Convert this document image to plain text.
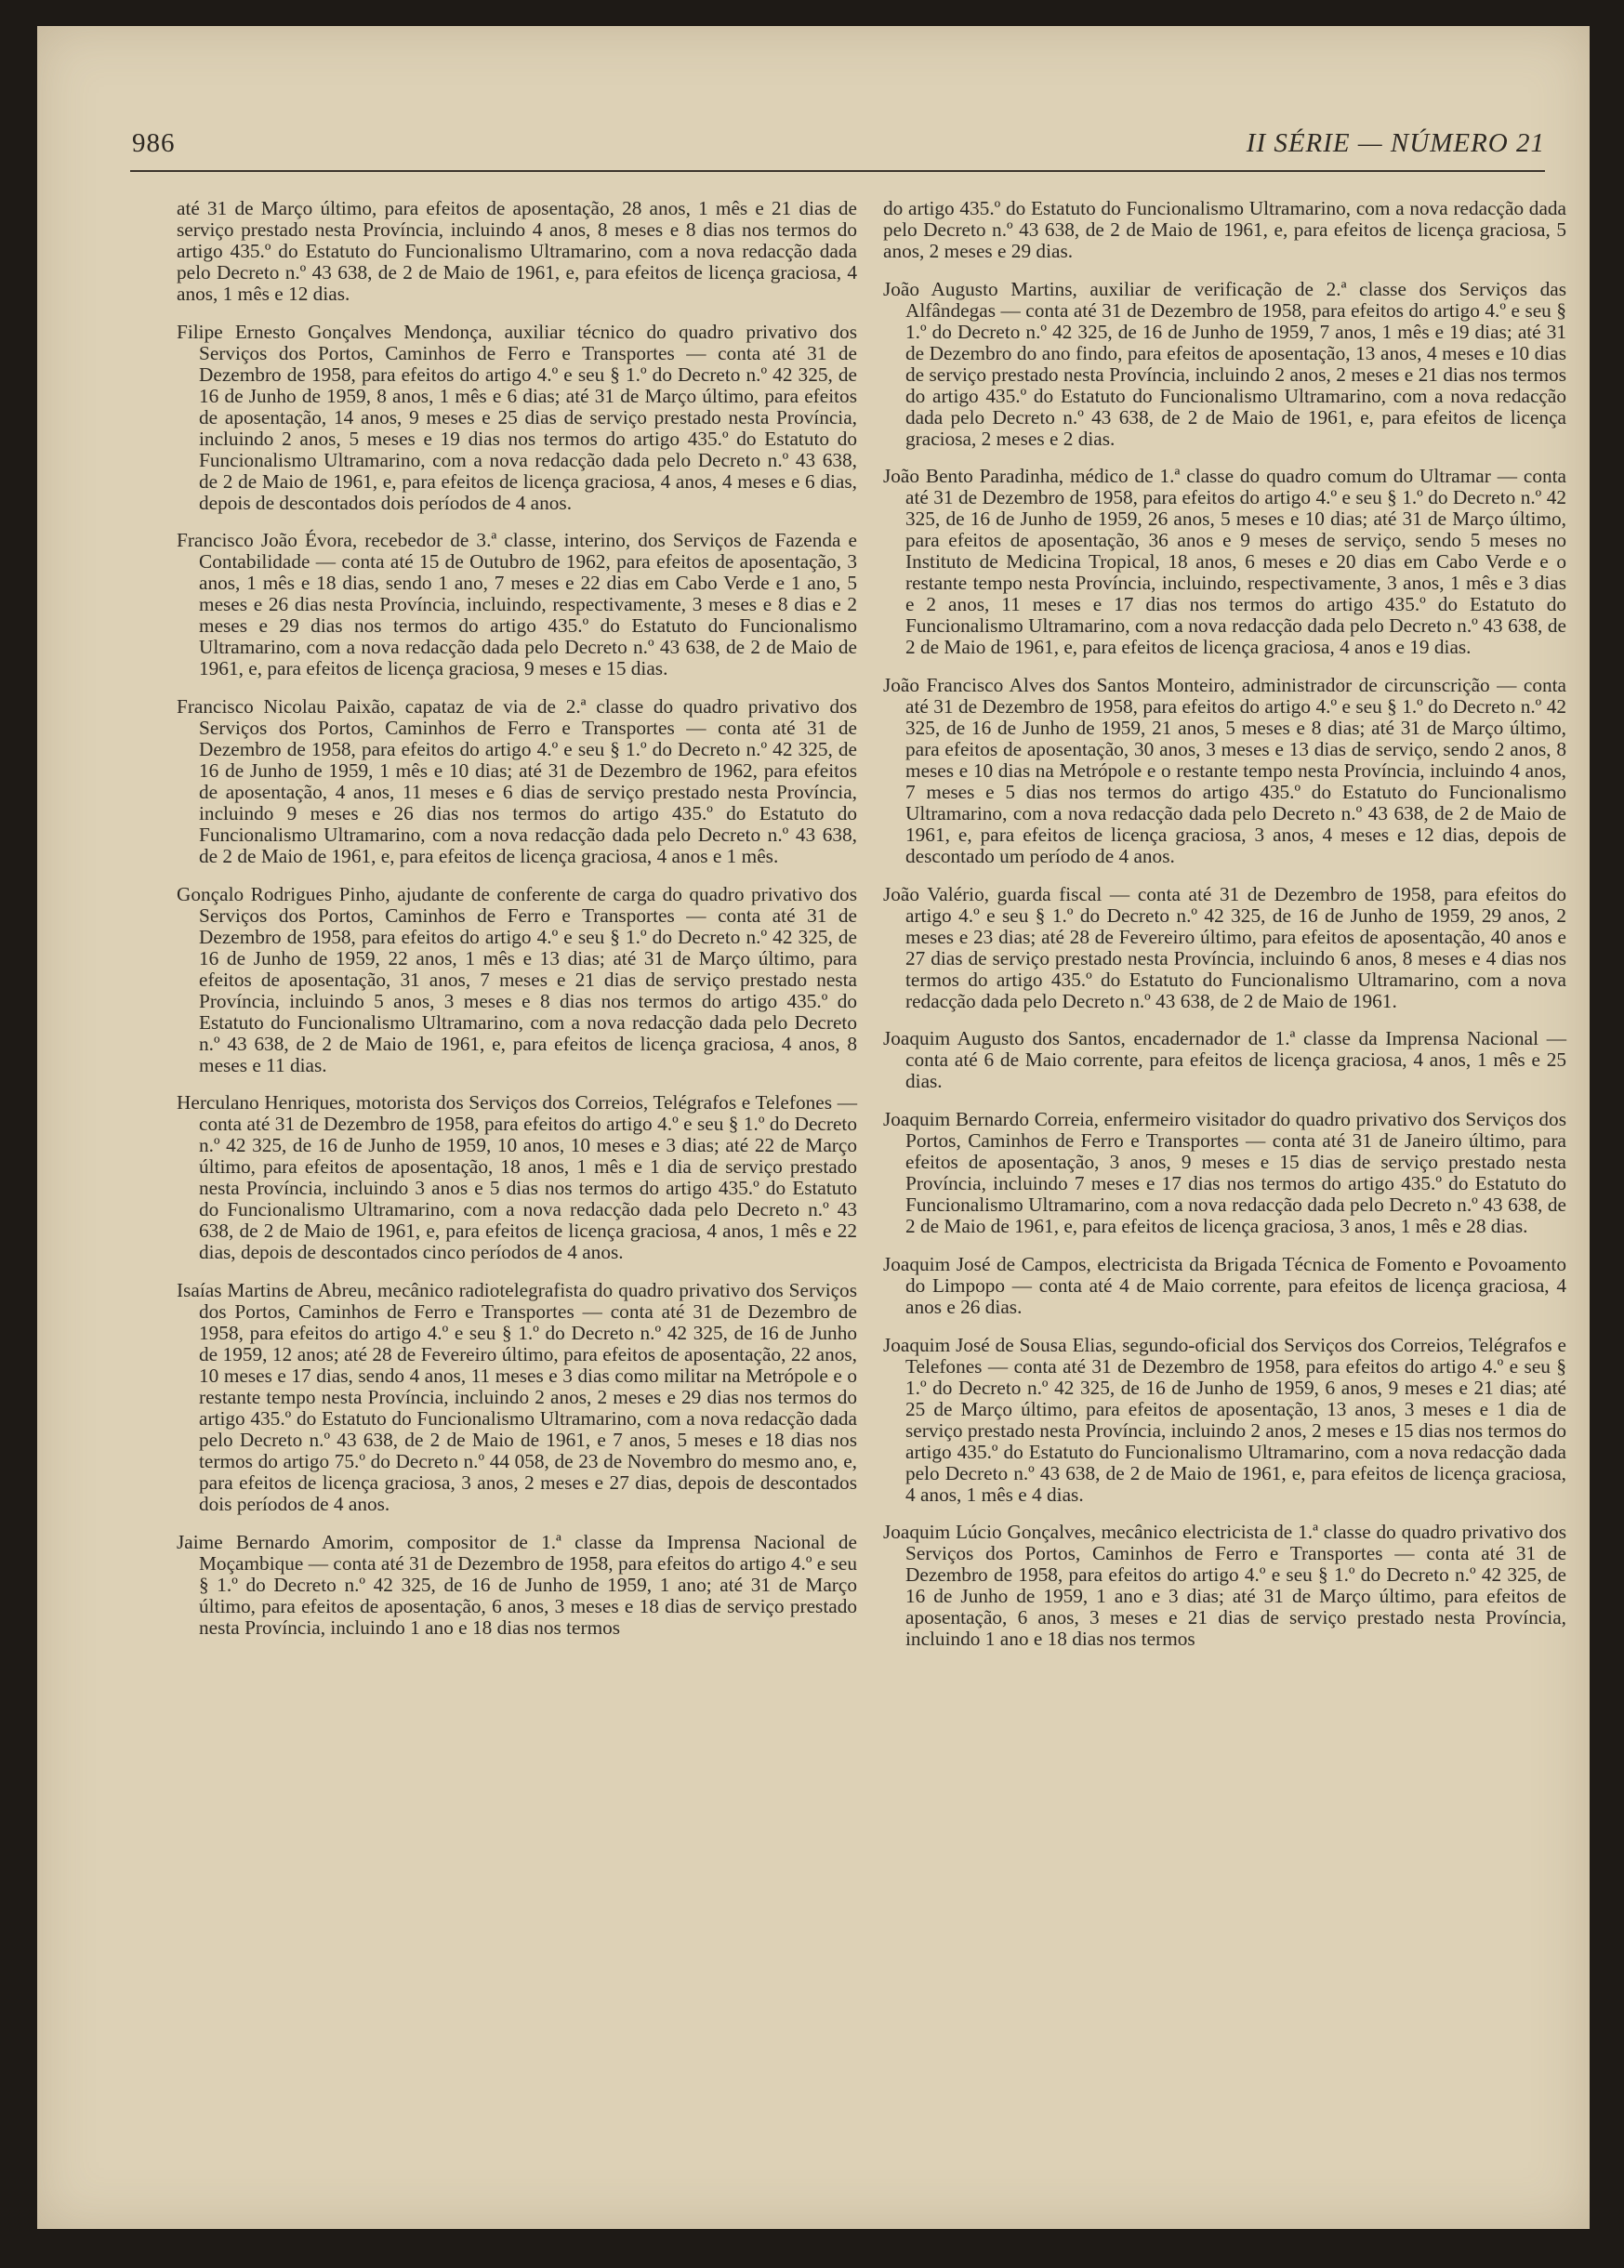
986	II SÉRIE — NÚMERO 21

até 31 de Março último, para efeitos de aposentação, 28 anos, 1 mês e 21 dias de serviço prestado nesta Província, incluindo 4 anos, 8 meses e 8 dias nos termos do artigo 435.º do Estatuto do Funcionalismo Ultramarino, com a nova redacção dada pelo Decreto n.º 43 638, de 2 de Maio de 1961, e, para efeitos de licença graciosa, 4 anos, 1 mês e 12 dias.

Filipe Ernesto Gonçalves Mendonça, auxiliar técnico do quadro privativo dos Serviços dos Portos, Caminhos de Ferro e Transportes — conta até 31 de Dezembro de 1958, para efeitos do artigo 4.º e seu § 1.º do Decreto n.º 42 325, de 16 de Junho de 1959, 8 anos, 1 mês e 6 dias; até 31 de Março último, para efeitos de aposentação, 14 anos, 9 meses e 25 dias de serviço prestado nesta Província, incluindo 2 anos, 5 meses e 19 dias nos termos do artigo 435.º do Estatuto do Funcionalismo Ultramarino, com a nova redacção dada pelo Decreto n.º 43 638, de 2 de Maio de 1961, e, para efeitos de licença graciosa, 4 anos, 4 meses e 6 dias, depois de descontados dois períodos de 4 anos.

Francisco João Évora, recebedor de 3.ª classe, interino, dos Serviços de Fazenda e Contabilidade — conta até 15 de Outubro de 1962, para efeitos de aposentação, 3 anos, 1 mês e 18 dias, sendo 1 ano, 7 meses e 22 dias em Cabo Verde e 1 ano, 5 meses e 26 dias nesta Província, incluindo, respectivamente, 3 meses e 8 dias e 2 meses e 29 dias nos termos do artigo 435.º do Estatuto do Funcionalismo Ultramarino, com a nova redacção dada pelo Decreto n.º 43 638, de 2 de Maio de 1961, e, para efeitos de licença graciosa, 9 meses e 15 dias.

Francisco Nicolau Paixão, capataz de via de 2.ª classe do quadro privativo dos Serviços dos Portos, Caminhos de Ferro e Transportes — conta até 31 de Dezembro de 1958, para efeitos do artigo 4.º e seu § 1.º do Decreto n.º 42 325, de 16 de Junho de 1959, 1 mês e 10 dias; até 31 de Dezembro de 1962, para efeitos de aposentação, 4 anos, 11 meses e 6 dias de serviço prestado nesta Província, incluindo 9 meses e 26 dias nos termos do artigo 435.º do Estatuto do Funcionalismo Ultramarino, com a nova redacção dada pelo Decreto n.º 43 638, de 2 de Maio de 1961, e, para efeitos de licença graciosa, 4 anos e 1 mês.

Gonçalo Rodrigues Pinho, ajudante de conferente de carga do quadro privativo dos Serviços dos Portos, Caminhos de Ferro e Transportes — conta até 31 de Dezembro de 1958, para efeitos do artigo 4.º e seu § 1.º do Decreto n.º 42 325, de 16 de Junho de 1959, 22 anos, 1 mês e 13 dias; até 31 de Março último, para efeitos de aposentação, 31 anos, 7 meses e 21 dias de serviço prestado nesta Província, incluindo 5 anos, 3 meses e 8 dias nos termos do artigo 435.º do Estatuto do Funcionalismo Ultramarino, com a nova redacção dada pelo Decreto n.º 43 638, de 2 de Maio de 1961, e, para efeitos de licença graciosa, 4 anos, 8 meses e 11 dias.

Herculano Henriques, motorista dos Serviços dos Correios, Telégrafos e Telefones — conta até 31 de Dezembro de 1958, para efeitos do artigo 4.º e seu § 1.º do Decreto n.º 42 325, de 16 de Junho de 1959, 10 anos, 10 meses e 3 dias; até 22 de Março último, para efeitos de aposentação, 18 anos, 1 mês e 1 dia de serviço prestado nesta Província, incluindo 3 anos e 5 dias nos termos do artigo 435.º do Estatuto do Funcionalismo Ultramarino, com a nova redacção dada pelo Decreto n.º 43 638, de 2 de Maio de 1961, e, para efeitos de licença graciosa, 4 anos, 1 mês e 22 dias, depois de descontados cinco períodos de 4 anos.

Isaías Martins de Abreu, mecânico radiotelegrafista do quadro privativo dos Serviços dos Portos, Caminhos de Ferro e Transportes — conta até 31 de Dezembro de 1958, para efeitos do artigo 4.º e seu § 1.º do Decreto n.º 42 325, de 16 de Junho de 1959, 12 anos; até 28 de Fevereiro último, para efeitos de aposentação, 22 anos, 10 meses e 17 dias, sendo 4 anos, 11 meses e 3 dias como militar na Metrópole e o restante tempo nesta Província, incluindo 2 anos, 2 meses e 29 dias nos termos do artigo 435.º do Estatuto do Funcionalismo Ultramarino, com a nova redacção dada pelo Decreto n.º 43 638, de 2 de Maio de 1961, e 7 anos, 5 meses e 18 dias nos termos do artigo 75.º do Decreto n.º 44 058, de 23 de Novembro do mesmo ano, e, para efeitos de licença graciosa, 3 anos, 2 meses e 27 dias, depois de descontados dois períodos de 4 anos.

Jaime Bernardo Amorim, compositor de 1.ª classe da Imprensa Nacional de Moçambique — conta até 31 de Dezembro de 1958, para efeitos do artigo 4.º e seu § 1.º do Decreto n.º 42 325, de 16 de Junho de 1959, 1 ano; até 31 de Março último, para efeitos de aposentação, 6 anos, 3 meses e 18 dias de serviço prestado nesta Província, incluindo 1 ano e 18 dias nos termos

do artigo 435.º do Estatuto do Funcionalismo Ultramarino, com a nova redacção dada pelo Decreto n.º 43 638, de 2 de Maio de 1961, e, para efeitos de licença graciosa, 5 anos, 2 meses e 29 dias.

João Augusto Martins, auxiliar de verificação de 2.ª classe dos Serviços das Alfândegas — conta até 31 de Dezembro de 1958, para efeitos do artigo 4.º e seu § 1.º do Decreto n.º 42 325, de 16 de Junho de 1959, 7 anos, 1 mês e 19 dias; até 31 de Dezembro do ano findo, para efeitos de aposentação, 13 anos, 4 meses e 10 dias de serviço prestado nesta Província, incluindo 2 anos, 2 meses e 21 dias nos termos do artigo 435.º do Estatuto do Funcionalismo Ultramarino, com a nova redacção dada pelo Decreto n.º 43 638, de 2 de Maio de 1961, e, para efeitos de licença graciosa, 2 meses e 2 dias.

João Bento Paradinha, médico de 1.ª classe do quadro comum do Ultramar — conta até 31 de Dezembro de 1958, para efeitos do artigo 4.º e seu § 1.º do Decreto n.º 42 325, de 16 de Junho de 1959, 26 anos, 5 meses e 10 dias; até 31 de Março último, para efeitos de aposentação, 36 anos e 9 meses de serviço, sendo 5 meses no Instituto de Medicina Tropical, 18 anos, 6 meses e 20 dias em Cabo Verde e o restante tempo nesta Província, incluindo, respectivamente, 3 anos, 1 mês e 3 dias e 2 anos, 11 meses e 17 dias nos termos do artigo 435.º do Estatuto do Funcionalismo Ultramarino, com a nova redacção dada pelo Decreto n.º 43 638, de 2 de Maio de 1961, e, para efeitos de licença graciosa, 4 anos e 19 dias.

João Francisco Alves dos Santos Monteiro, administrador de circunscrição — conta até 31 de Dezembro de 1958, para efeitos do artigo 4.º e seu § 1.º do Decreto n.º 42 325, de 16 de Junho de 1959, 21 anos, 5 meses e 8 dias; até 31 de Março último, para efeitos de aposentação, 30 anos, 3 meses e 13 dias de serviço, sendo 2 anos, 8 meses e 10 dias na Metrópole e o restante tempo nesta Província, incluindo 4 anos, 7 meses e 5 dias nos termos do artigo 435.º do Estatuto do Funcionalismo Ultramarino, com a nova redacção dada pelo Decreto n.º 43 638, de 2 de Maio de 1961, e, para efeitos de licença graciosa, 3 anos, 4 meses e 12 dias, depois de descontado um período de 4 anos.

João Valério, guarda fiscal — conta até 31 de Dezembro de 1958, para efeitos do artigo 4.º e seu § 1.º do Decreto n.º 42 325, de 16 de Junho de 1959, 29 anos, 2 meses e 23 dias; até 28 de Fevereiro último, para efeitos de aposentação, 40 anos e 27 dias de serviço prestado nesta Província, incluindo 6 anos, 8 meses e 4 dias nos termos do artigo 435.º do Estatuto do Funcionalismo Ultramarino, com a nova redacção dada pelo Decreto n.º 43 638, de 2 de Maio de 1961.

Joaquim Augusto dos Santos, encadernador de 1.ª classe da Imprensa Nacional — conta até 6 de Maio corrente, para efeitos de licença graciosa, 4 anos, 1 mês e 25 dias.

Joaquim Bernardo Correia, enfermeiro visitador do quadro privativo dos Serviços dos Portos, Caminhos de Ferro e Transportes — conta até 31 de Janeiro último, para efeitos de aposentação, 3 anos, 9 meses e 15 dias de serviço prestado nesta Província, incluindo 7 meses e 17 dias nos termos do artigo 435.º do Estatuto do Funcionalismo Ultramarino, com a nova redacção dada pelo Decreto n.º 43 638, de 2 de Maio de 1961, e, para efeitos de licença graciosa, 3 anos, 1 mês e 28 dias.

Joaquim José de Campos, electricista da Brigada Técnica de Fomento e Povoamento do Limpopo — conta até 4 de Maio corrente, para efeitos de licença graciosa, 4 anos e 26 dias.

Joaquim José de Sousa Elias, segundo-oficial dos Serviços dos Correios, Telégrafos e Telefones — conta até 31 de Dezembro de 1958, para efeitos do artigo 4.º e seu § 1.º do Decreto n.º 42 325, de 16 de Junho de 1959, 6 anos, 9 meses e 21 dias; até 25 de Março último, para efeitos de aposentação, 13 anos, 3 meses e 1 dia de serviço prestado nesta Província, incluindo 2 anos, 2 meses e 15 dias nos termos do artigo 435.º do Estatuto do Funcionalismo Ultramarino, com a nova redacção dada pelo Decreto n.º 43 638, de 2 de Maio de 1961, e, para efeitos de licença graciosa, 4 anos, 1 mês e 4 dias.

Joaquim Lúcio Gonçalves, mecânico electricista de 1.ª classe do quadro privativo dos Serviços dos Portos, Caminhos de Ferro e Transportes — conta até 31 de Dezembro de 1958, para efeitos do artigo 4.º e seu § 1.º do Decreto n.º 42 325, de 16 de Junho de 1959, 1 ano e 3 dias; até 31 de Março último, para efeitos de aposentação, 6 anos, 3 meses e 21 dias de serviço prestado nesta Província, incluindo 1 ano e 18 dias nos termos
